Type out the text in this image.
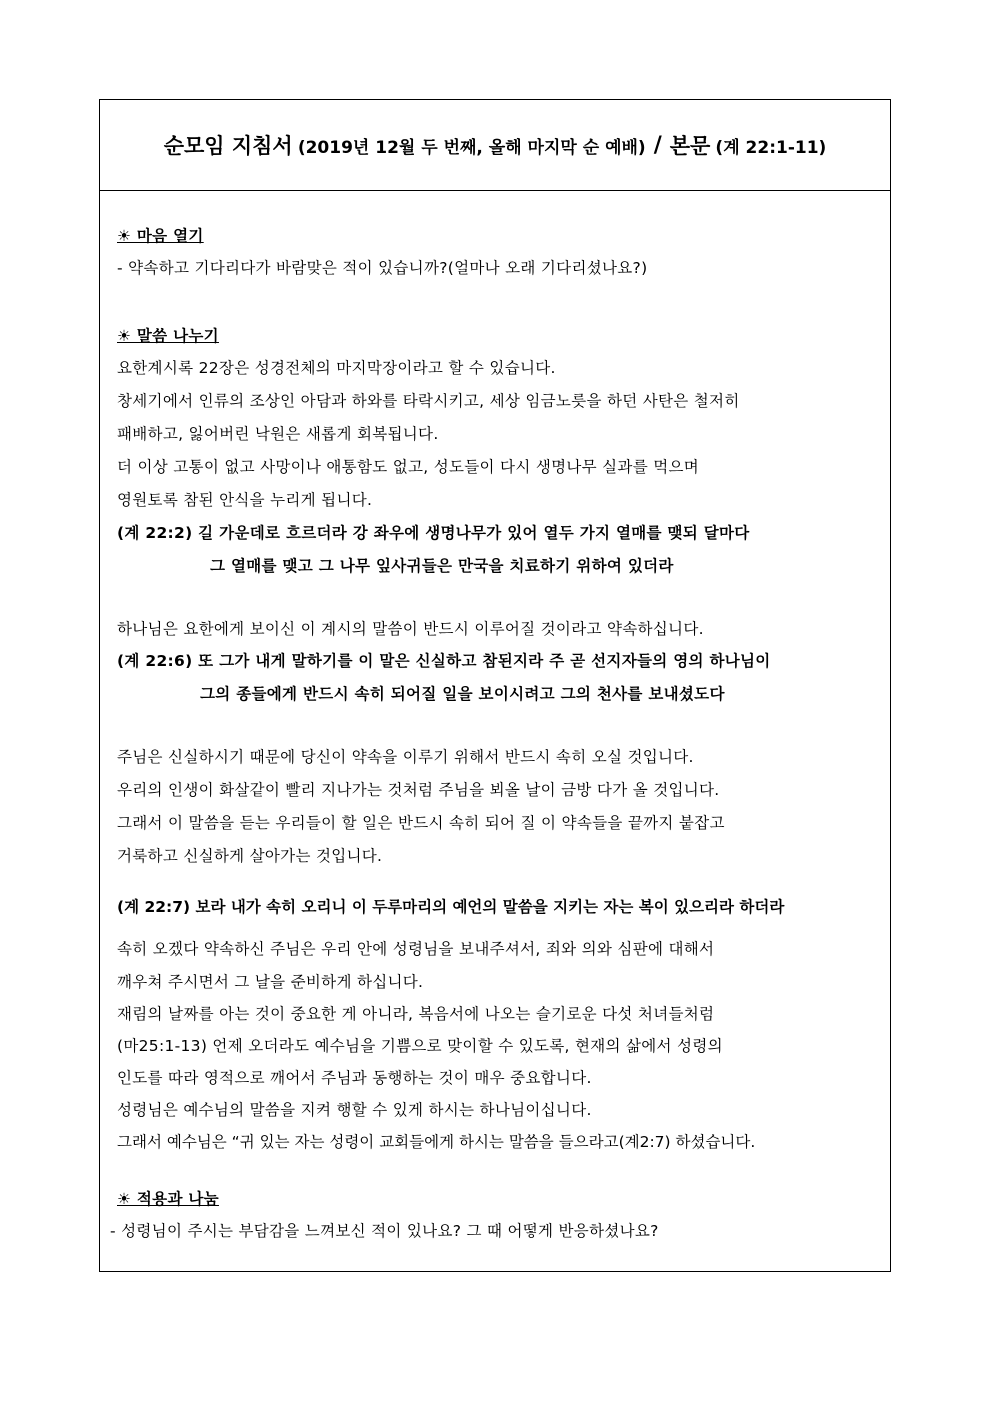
순모임 지침서
(2019년 12월 두 번째, 올해 마지막 순 예배) / 본문
(계 22:1-11)
☀ 마음 열기
- 약속하고 기다리다가 바람맞은 적이 있습니까?(얼마나 오래 기다리셨나요?)
☀ 말씀 나누기
요한계시록 22장은 성경전체의 마지막장이라고 할 수 있습니다.
창세기에서 인류의 조상인 아담과 하와를 타락시키고, 세상 임금노릇을 하던 사탄은 철저히
패배하고, 잃어버린 낙원은 새롭게 회복됩니다.
더 이상 고통이 없고 사망이나 애통함도 없고, 성도들이 다시 생명나무 실과를 먹으며
영원토록 참된 안식을 누리게 됩니다.
(계 22:2) 길 가운데로 흐르더라 강 좌우에 생명나무가 있어 열두 가지 열매를 맺되 달마다
그 열매를 맺고 그 나무 잎사귀들은 만국을 치료하기 위하여 있더라
하나님은 요한에게 보이신 이 계시의 말씀이 반드시 이루어질 것이라고 약속하십니다.
(계 22:6) 또 그가 내게 말하기를 이 말은 신실하고 참된지라 주 곧 선지자들의 영의 하나님이
그의 종들에게 반드시 속히 되어질 일을 보이시려고 그의 천사를 보내셨도다
주님은 신실하시기 때문에 당신이 약속을 이루기 위해서 반드시 속히 오실 것입니다.
우리의 인생이 화살같이 빨리 지나가는 것처럼 주님을 뵈올 날이 금방 다가 올 것입니다.
그래서 이 말씀을 듣는 우리들이 할 일은 반드시 속히 되어 질 이 약속들을 끝까지 붙잡고
거룩하고 신실하게 살아가는 것입니다.
(계 22:7) 보라 내가 속히 오리니 이 두루마리의 예언의 말씀을 지키는 자는 복이 있으리라 하더라
속히 오겠다 약속하신 주님은 우리 안에 성령님을 보내주셔서, 죄와 의와 심판에 대해서
깨우쳐 주시면서 그 날을 준비하게 하십니다.
재림의 날짜를 아는 것이 중요한 게 아니라, 복음서에 나오는 슬기로운 다섯 처녀들처럼
(마25:1-13) 언제 오더라도 예수님을 기쁨으로 맞이할 수 있도록, 현재의 삶에서 성령의
인도를 따라 영적으로 깨어서 주님과 동행하는 것이 매우 중요합니다.
성령님은 예수님의 말씀을 지켜 행할 수 있게 하시는 하나님이십니다.
그래서 예수님은 “귀 있는 자는 성령이 교회들에게 하시는 말씀을 들으라고(계2:7) 하셨습니다.
☀ 적용과 나눔
- 성령님이 주시는 부담감을 느껴보신 적이 있나요? 그 때 어떻게 반응하셨나요?
